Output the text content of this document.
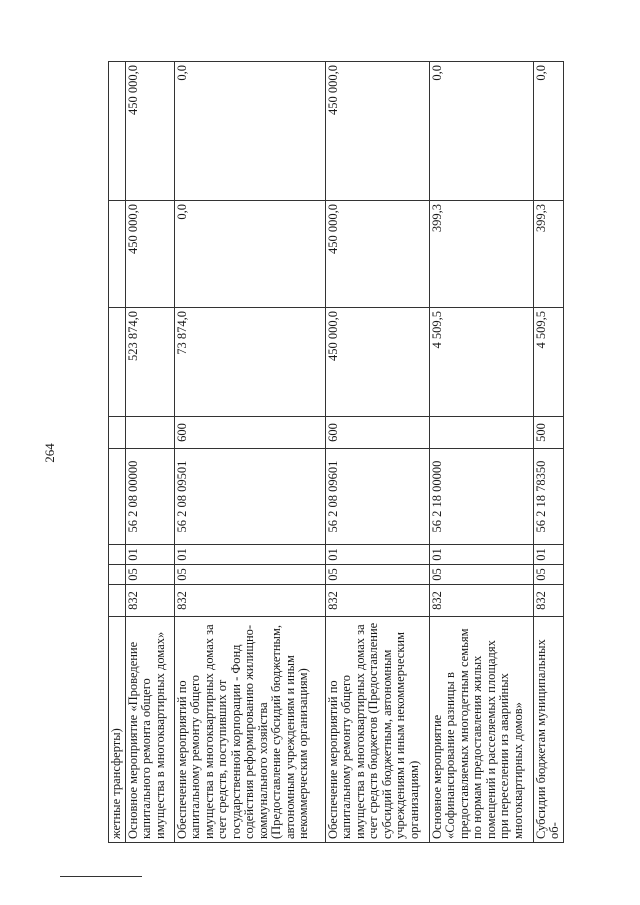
264
жетные трансферты)								
Основное мероприятие «Проведение капитального ремонта общего имущества в многоквартирных домах»	832	05	01	56 2 08 00000		523 874,0	450 000,0	450 000,0
Обеспечение мероприятий по капитальному ремонту общего имущества в многоквартирных домах за счет средств, поступивших от государственной корпорации - Фонд содействия реформированию жилищно-коммунального хозяйства (Предоставление субсидий бюджетным, автономным учреждениям и иным некоммерческим организациям)	832	05	01	56 2 08 09501	600	73 874,0	0,0	0,0
Обеспечение мероприятий по капитальному ремонту общего имущества в многоквартирных домах за счет средств бюджетов (Предоставление субсидий бюджетным, автономным учреждениям и иным некоммерческим организациям)	832	05	01	56 2 08 09601	600	450 000,0	450 000,0	450 000,0
Основное мероприятие «Софинансирование разницы в предоставляемых многодетным семьям по нормам предоставления жилых помещений и расселяемых площадях при переселении из аварийных многоквартирных домов»	832	05	01	56 2 18 00000		4 509,5	399,3	0,0
Субсидии бюджетам муниципальных об-	832	05	01	56 2 18 78350	500	4 509,5	399,3	0,0
